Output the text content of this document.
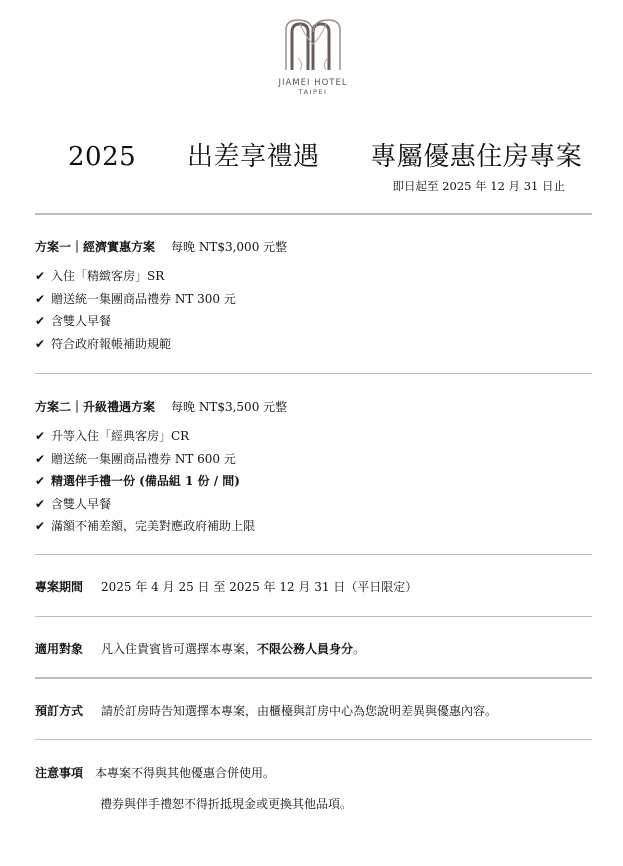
JIAMEI HOTEL
TAIPEI
2025 出差享禮遇 專屬優惠住房專案
即日起至 2025 年 12 月 31 日止
方案一｜經濟實惠方案 每晚 NT$3,000 元整
✔ 入住「精緻客房」SR
✔ 贈送統一集團商品禮券 NT 300 元
✔ 含雙人早餐
✔ 符合政府報帳補助規範
方案二｜升級禮遇方案 每晚 NT$3,500 元整
✔ 升等入住「經典客房」CR
✔ 贈送統一集團商品禮券 NT 600 元
✔ 精選伴手禮一份 (備品組 1 份 / 間)
✔ 含雙人早餐
✔ 滿額不補差額，完美對應政府補助上限
專案期間 2025 年 4 月 25 日 至 2025 年 12 月 31 日（平日限定）
適用對象 凡入住貴賓皆可選擇本專案，不限公務人員身分。
預訂方式 請於訂房時告知選擇本專案，由櫃檯與訂房中心為您說明差異與優惠內容。
注意事項 本專案不得與其他優惠合併使用。
禮券與伴手禮恕不得折抵現金或更換其他品項。
